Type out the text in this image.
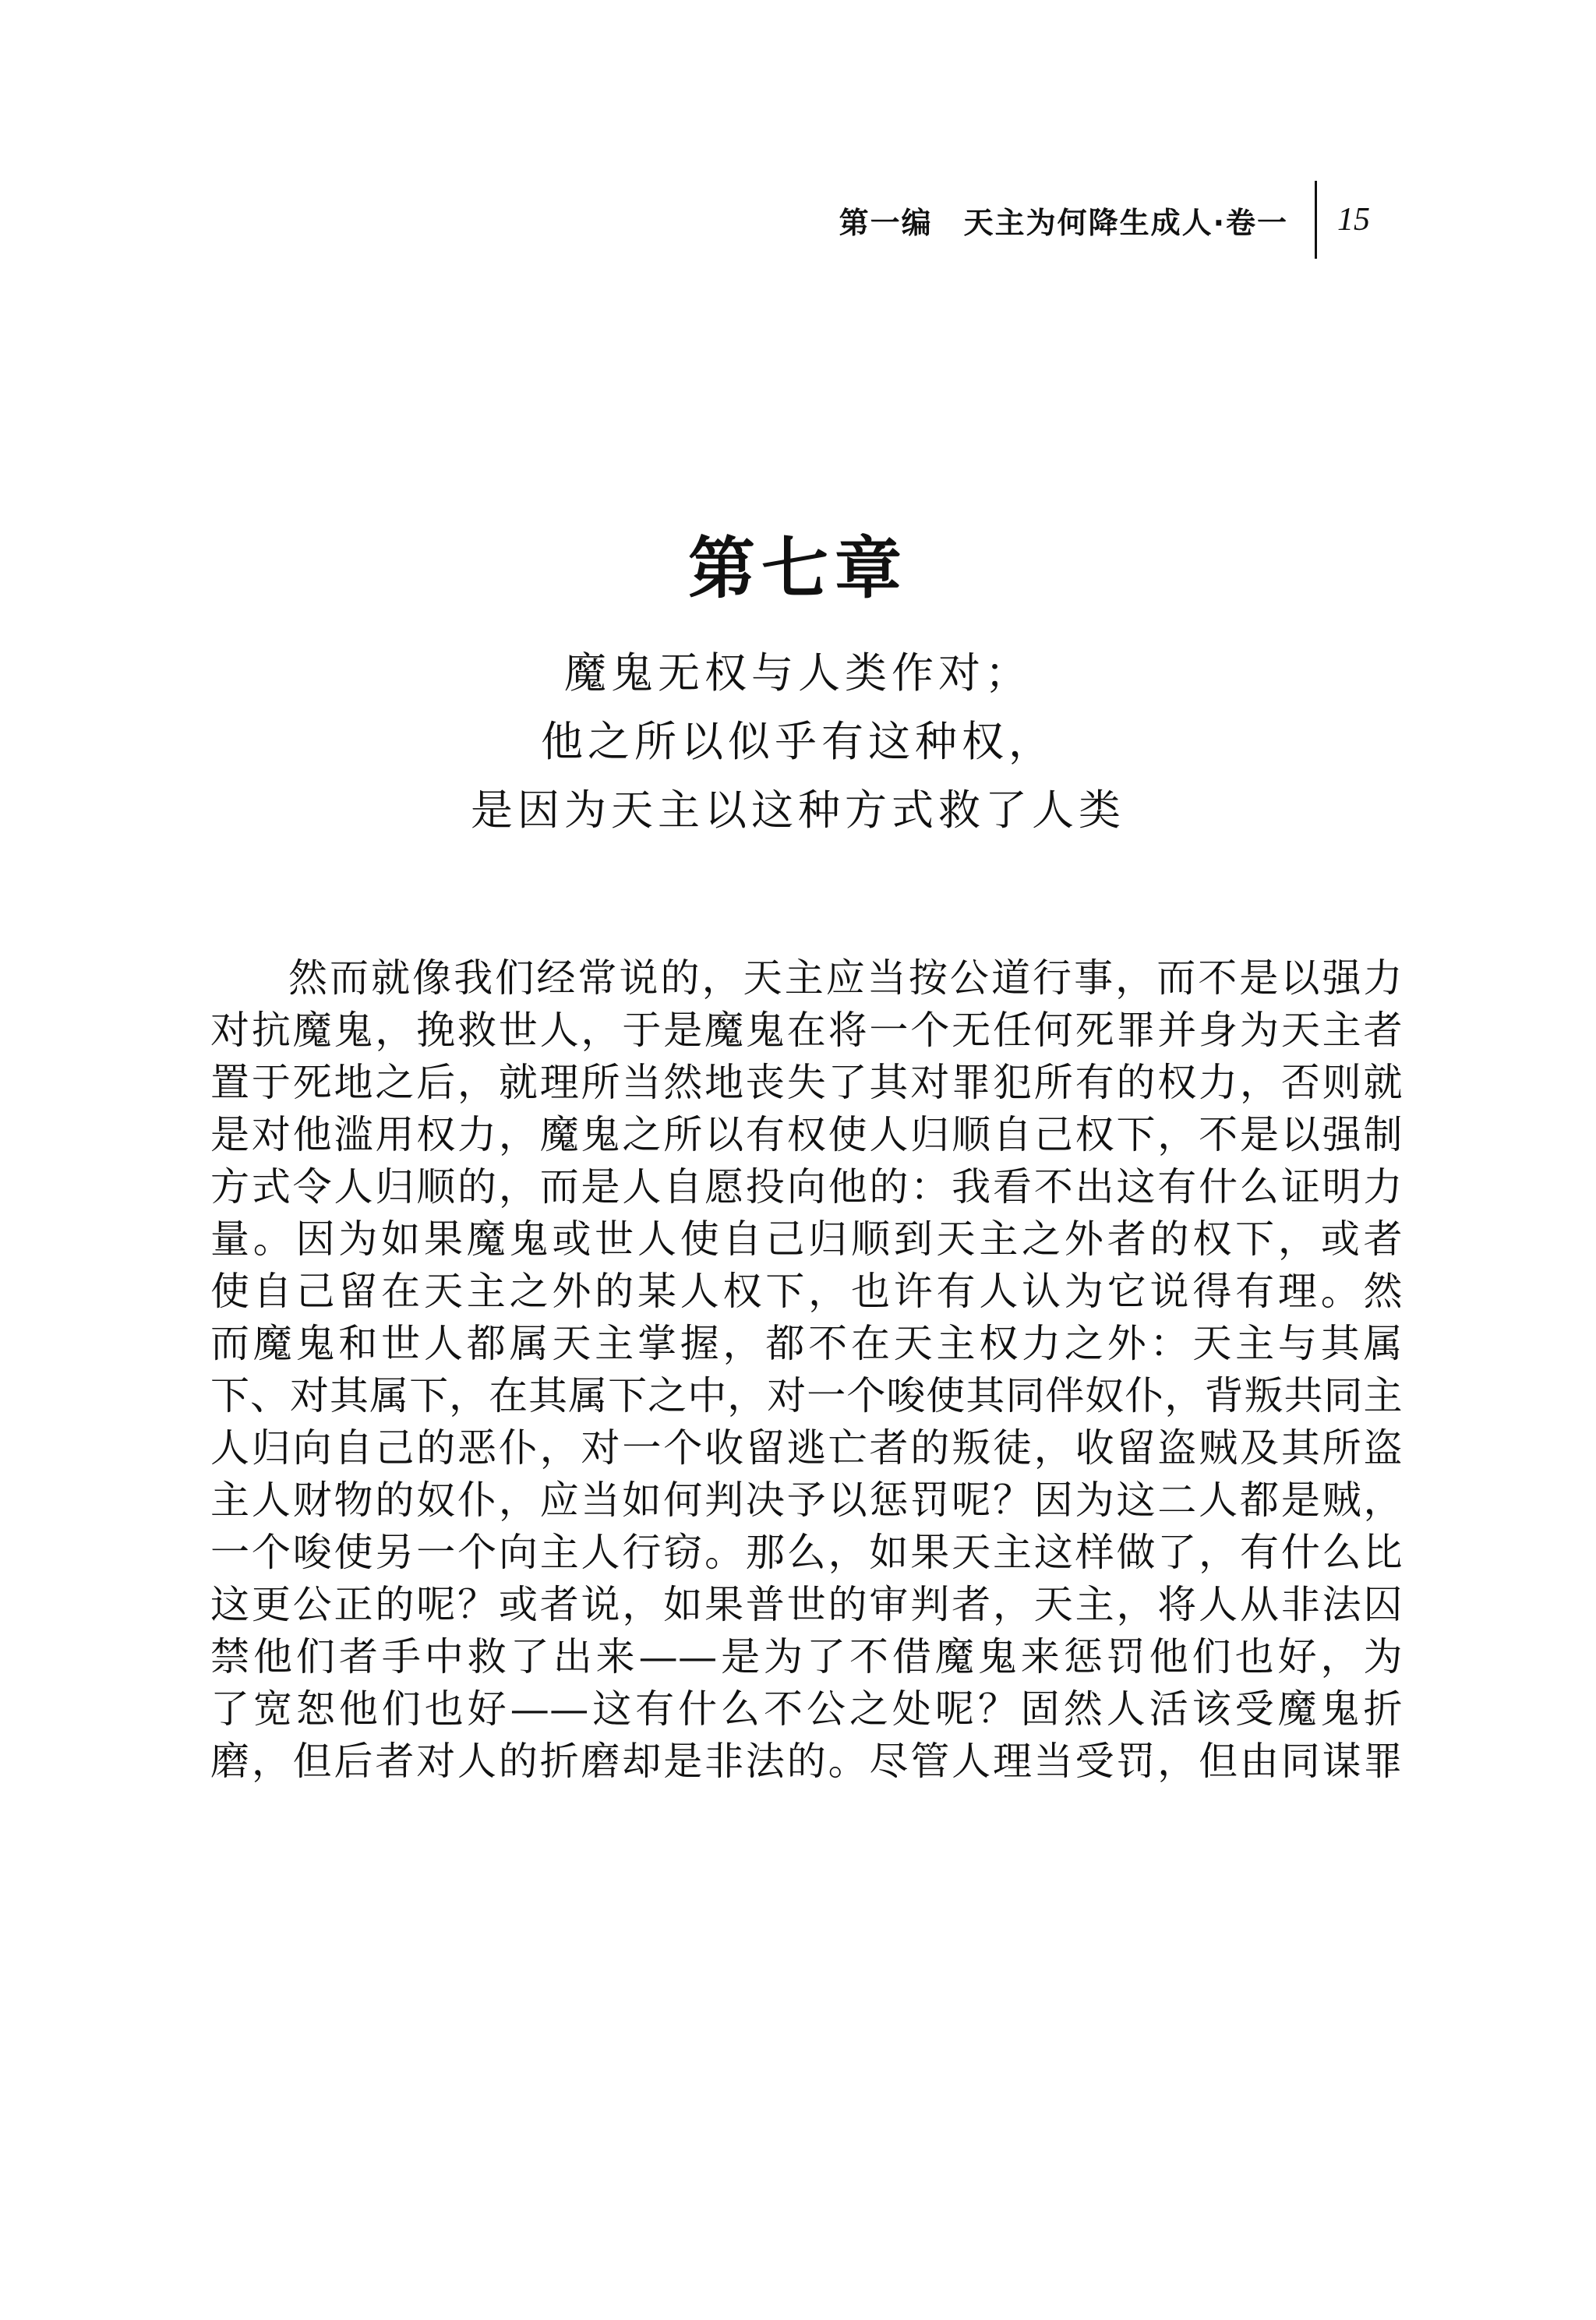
第一编　天主为何降生成人·卷一 15
第七章
魔鬼无权与人类作对；
他之所以似乎有这种权，
是因为天主以这种方式救了人类
然而就像我们经常说的，天主应当按公道行事，而不是以强力
对抗魔鬼，挽救世人，于是魔鬼在将一个无任何死罪并身为天主者
置于死地之后，就理所当然地丧失了其对罪犯所有的权力，否则就
是对他滥用权力，魔鬼之所以有权使人归顺自己权下，不是以强制
方式令人归顺的，而是人自愿投向他的：我看不出这有什么证明力
量。因为如果魔鬼或世人使自己归顺到天主之外者的权下，或者
使自己留在天主之外的某人权下，也许有人认为它说得有理。然
而魔鬼和世人都属天主掌握，都不在天主权力之外：天主与其属
下、对其属下，在其属下之中，对一个唆使其同伴奴仆，背叛共同主
人归向自己的恶仆，对一个收留逃亡者的叛徒，收留盗贼及其所盗
主人财物的奴仆，应当如何判决予以惩罚呢？因为这二人都是贼，
一个唆使另一个向主人行窃。那么，如果天主这样做了，有什么比
这更公正的呢？或者说，如果普世的审判者，天主，将人从非法囚
禁他们者手中救了出来——是为了不借魔鬼来惩罚他们也好，为
了宽恕他们也好——这有什么不公之处呢？固然人活该受魔鬼折
磨，但后者对人的折磨却是非法的。尽管人理当受罚，但由同谋罪
